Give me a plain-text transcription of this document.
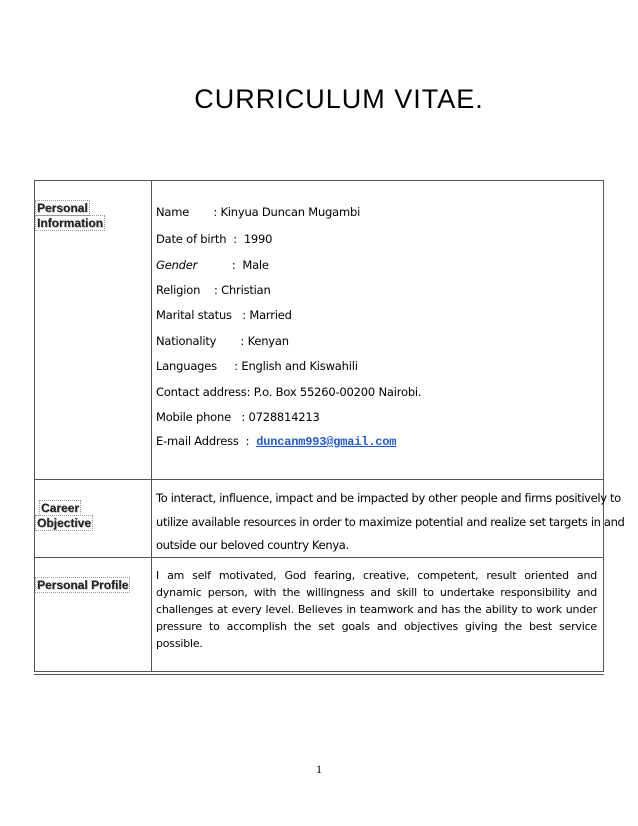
CURRICULUM VITAE.
Personal
Information
Name       : Kinyua Duncan Mugambi
Date of birth  :  1990
Gender          :  Male
Religion    : Christian
Marital status   : Married
Nationality       : Kenyan
Languages     : English and Kiswahili
Contact address: P.o. Box 55260-00200 Nairobi.
Mobile phone   : 0728814213
E-mail Address  :  duncanm993@gmail.com
Career
Objective
To interact, influence, impact and be impacted by other people and firms positively to
utilize available resources in order to maximize potential and realize set targets in and
outside our beloved country Kenya.
Personal Profile
I am self motivated, God fearing, creative, competent, result oriented and dynamic person, with the willingness and skill to undertake responsibility and challenges at every level. Believes in teamwork and has the ability to work under pressure to accomplish the set goals and objectives giving the best service possible.
1
